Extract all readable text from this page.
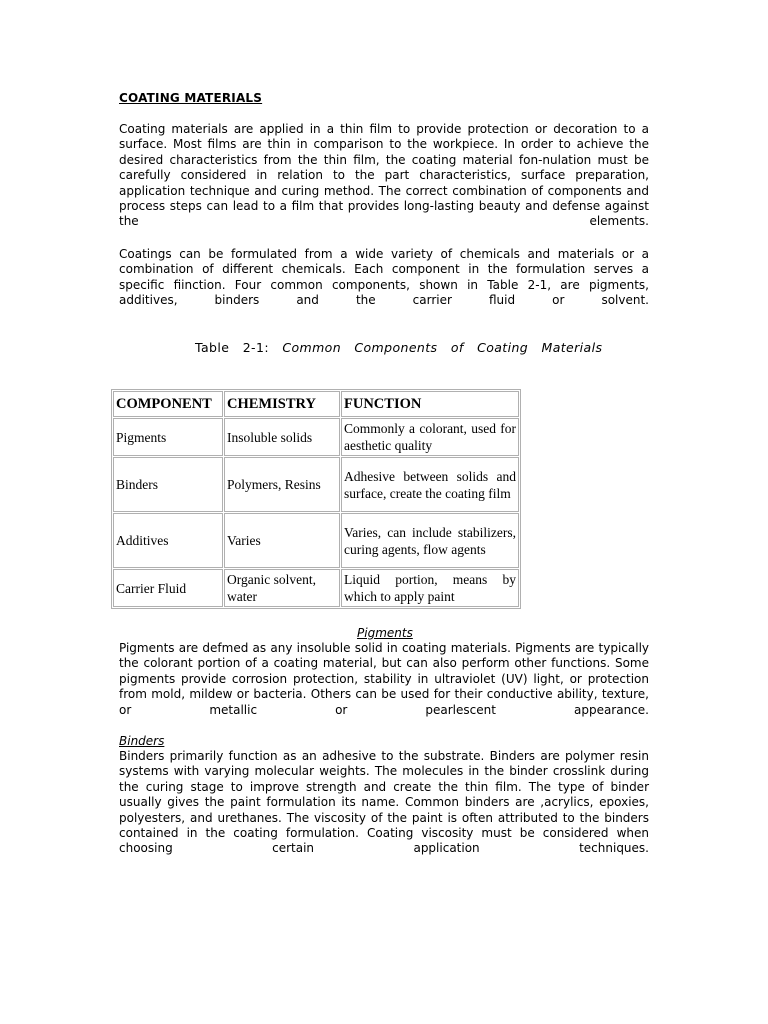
COATING MATERIALS
Coating materials are applied in a thin film to provide protection or decoration to a surface. Most films are thin in comparison to the workpiece. In order to achieve the desired characteristics from the thin film, the coating material fon-nulation must be carefully considered in relation to the part characteristics, surface preparation, application technique and curing method. The correct combination of components and process steps can lead to a film that provides long-lasting beauty and defense against the elements.
Coatings can be formulated from a wide variety of chemicals and materials or a combination of different chemicals. Each component in the formulation serves a specific fiinction. Four common components, shown in Table 2-1, are pigments, additives, binders and the carrier fluid or solvent.
Table 2-1: Common Components of Coating Materials
COMPONENT	CHEMISTRY	FUNCTION
Pigments	Insoluble solids	Commonly a colorant, used for aesthetic quality
Binders	Polymers, Resins	Adhesive between solids and surface, create the coating film
Additives	Varies	Varies, can include stabilizers, curing agents, flow agents
Carrier Fluid	Organic solvent, water	Liquid portion, means by which to apply paint
Pigments
Pigments are defmed as any insoluble solid in coating materials. Pigments are typically the colorant portion of a coating material, but can also perform other functions. Some pigments provide corrosion protection, stability in ultraviolet (UV) light, or protection from mold, mildew or bacteria. Others can be used for their conductive ability, texture, or metallic or pearlescent appearance.
Binders
Binders primarily function as an adhesive to the substrate. Binders are polymer resin systems with varying molecular weights. The molecules in the binder crosslink during the curing stage to improve strength and create the thin film. The type of binder usually gives the paint formulation its name. Common binders are ,acrylics, epoxies, polyesters, and urethanes. The viscosity of the paint is often attributed to the binders contained in the coating formulation. Coating viscosity must be considered when choosing certain application techniques.
